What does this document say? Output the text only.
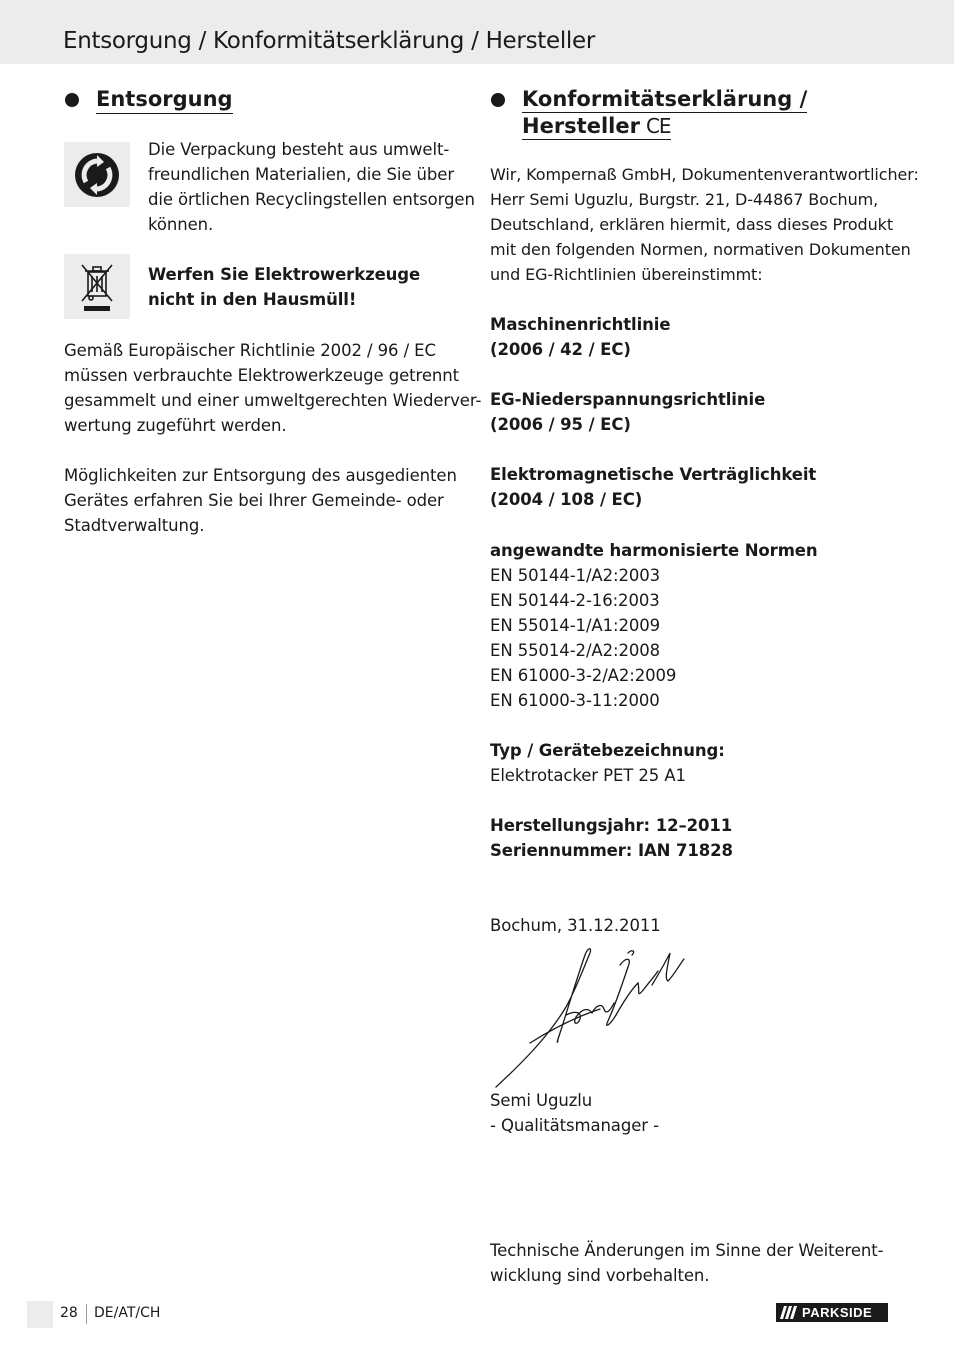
Entsorgung / Konformitätserklärung / Hersteller
Entsorgung
Die Verpackung besteht aus umwelt-
freundlichen Materialien, die Sie über
die örtlichen Recyclingstellen entsorgen
können.
Werfen Sie Elektrowerkzeuge
nicht in den Hausmüll!
Gemäß Europäischer Richtlinie 2002 / 96 / EC
müssen verbrauchte Elektrowerkzeuge getrennt
gesammelt und einer umweltgerechten Wiederver-
wertung zugeführt werden.
Möglichkeiten zur Entsorgung des ausgedienten
Gerätes erfahren Sie bei Ihrer Gemeinde- oder
Stadtverwaltung.
Konformitätserklärung /
Hersteller CE
Wir, Kompernaß GmbH, Dokumentenverantwortlicher:
Herr Semi Uguzlu, Burgstr. 21, D-44867 Bochum,
Deutschland, erklären hiermit, dass dieses Produkt
mit den folgenden Normen, normativen Dokumenten
und EG-Richtlinien übereinstimmt:
Maschinenrichtlinie
(2006 / 42 / EC)
EG-Niederspannungsrichtlinie
(2006 / 95 / EC)
Elektromagnetische Verträglichkeit
(2004 / 108 / EC)
angewandte harmonisierte Normen
EN 50144-1/A2:2003
EN 50144-2-16:2003
EN 55014-1/A1:2009
EN 55014-2/A2:2008
EN 61000-3-2/A2:2009
EN 61000-3-11:2000
Typ / Gerätebezeichnung:
Elektrotacker PET 25 A1
Herstellungsjahr: 12–2011
Seriennummer: IAN 71828
Bochum, 31.12.2011
Semi Uguzlu
- Qualitätsmanager -
Technische Änderungen im Sinne der Weiterent-
wicklung sind vorbehalten.
28 DE/AT/CH	PARKSIDE
